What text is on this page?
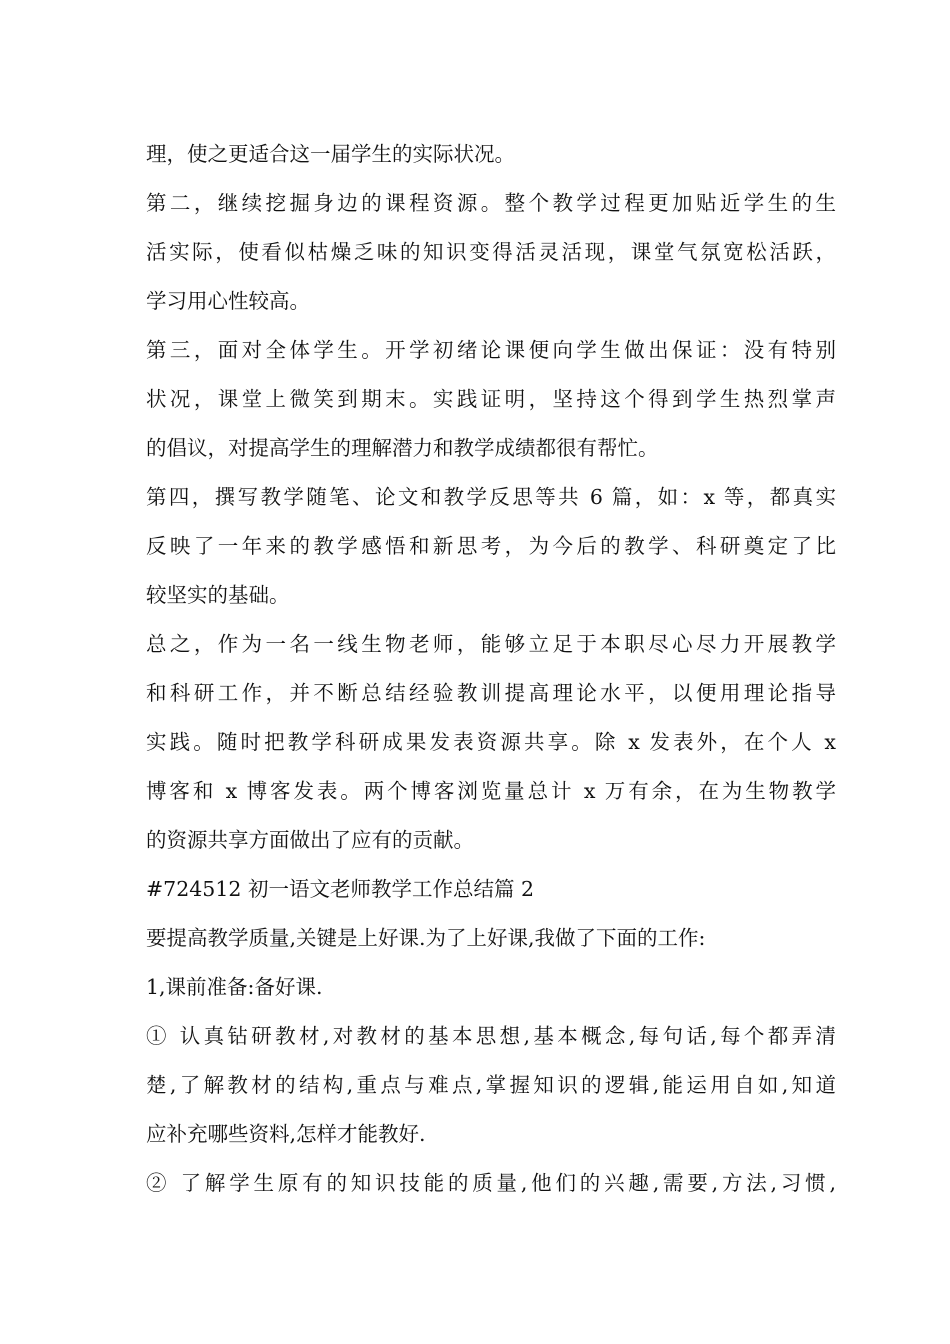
理，使之更适合这一届学生的实际状况。
第二，继续挖掘身边的课程资源。整个教学过程更加贴近学生的生
活实际，使看似枯燥乏味的知识变得活灵活现，课堂气氛宽松活跃，
学习用心性较高。
第三，面对全体学生。开学初绪论课便向学生做出保证：没有特别
状况，课堂上微笑到期末。实践证明，坚持这个得到学生热烈掌声
的倡议，对提高学生的理解潜力和教学成绩都很有帮忙。
第四，撰写教学随笔、论文和教学反思等共 6 篇，如：x 等，都真实
反映了一年来的教学感悟和新思考，为今后的教学、科研奠定了比
较坚实的基础。
总之，作为一名一线生物老师，能够立足于本职尽心尽力开展教学
和科研工作，并不断总结经验教训提高理论水平，以便用理论指导
实践。随时把教学科研成果发表资源共享。除 x 发表外，在个人 x
博客和 x 博客发表。两个博客浏览量总计 x 万有余，在为生物教学
的资源共享方面做出了应有的贡献。
#724512 初一语文老师教学工作总结篇 2
要提高教学质量,关键是上好课.为了上好课,我做了下面的工作:
1,课前准备:备好课.
① 认真钻研教材,对教材的基本思想,基本概念,每句话,每个都弄清
楚,了解教材的结构,重点与难点,掌握知识的逻辑,能运用自如,知道
应补充哪些资料,怎样才能教好.
② 了解学生原有的知识技能的质量,他们的兴趣,需要,方法,习惯,
